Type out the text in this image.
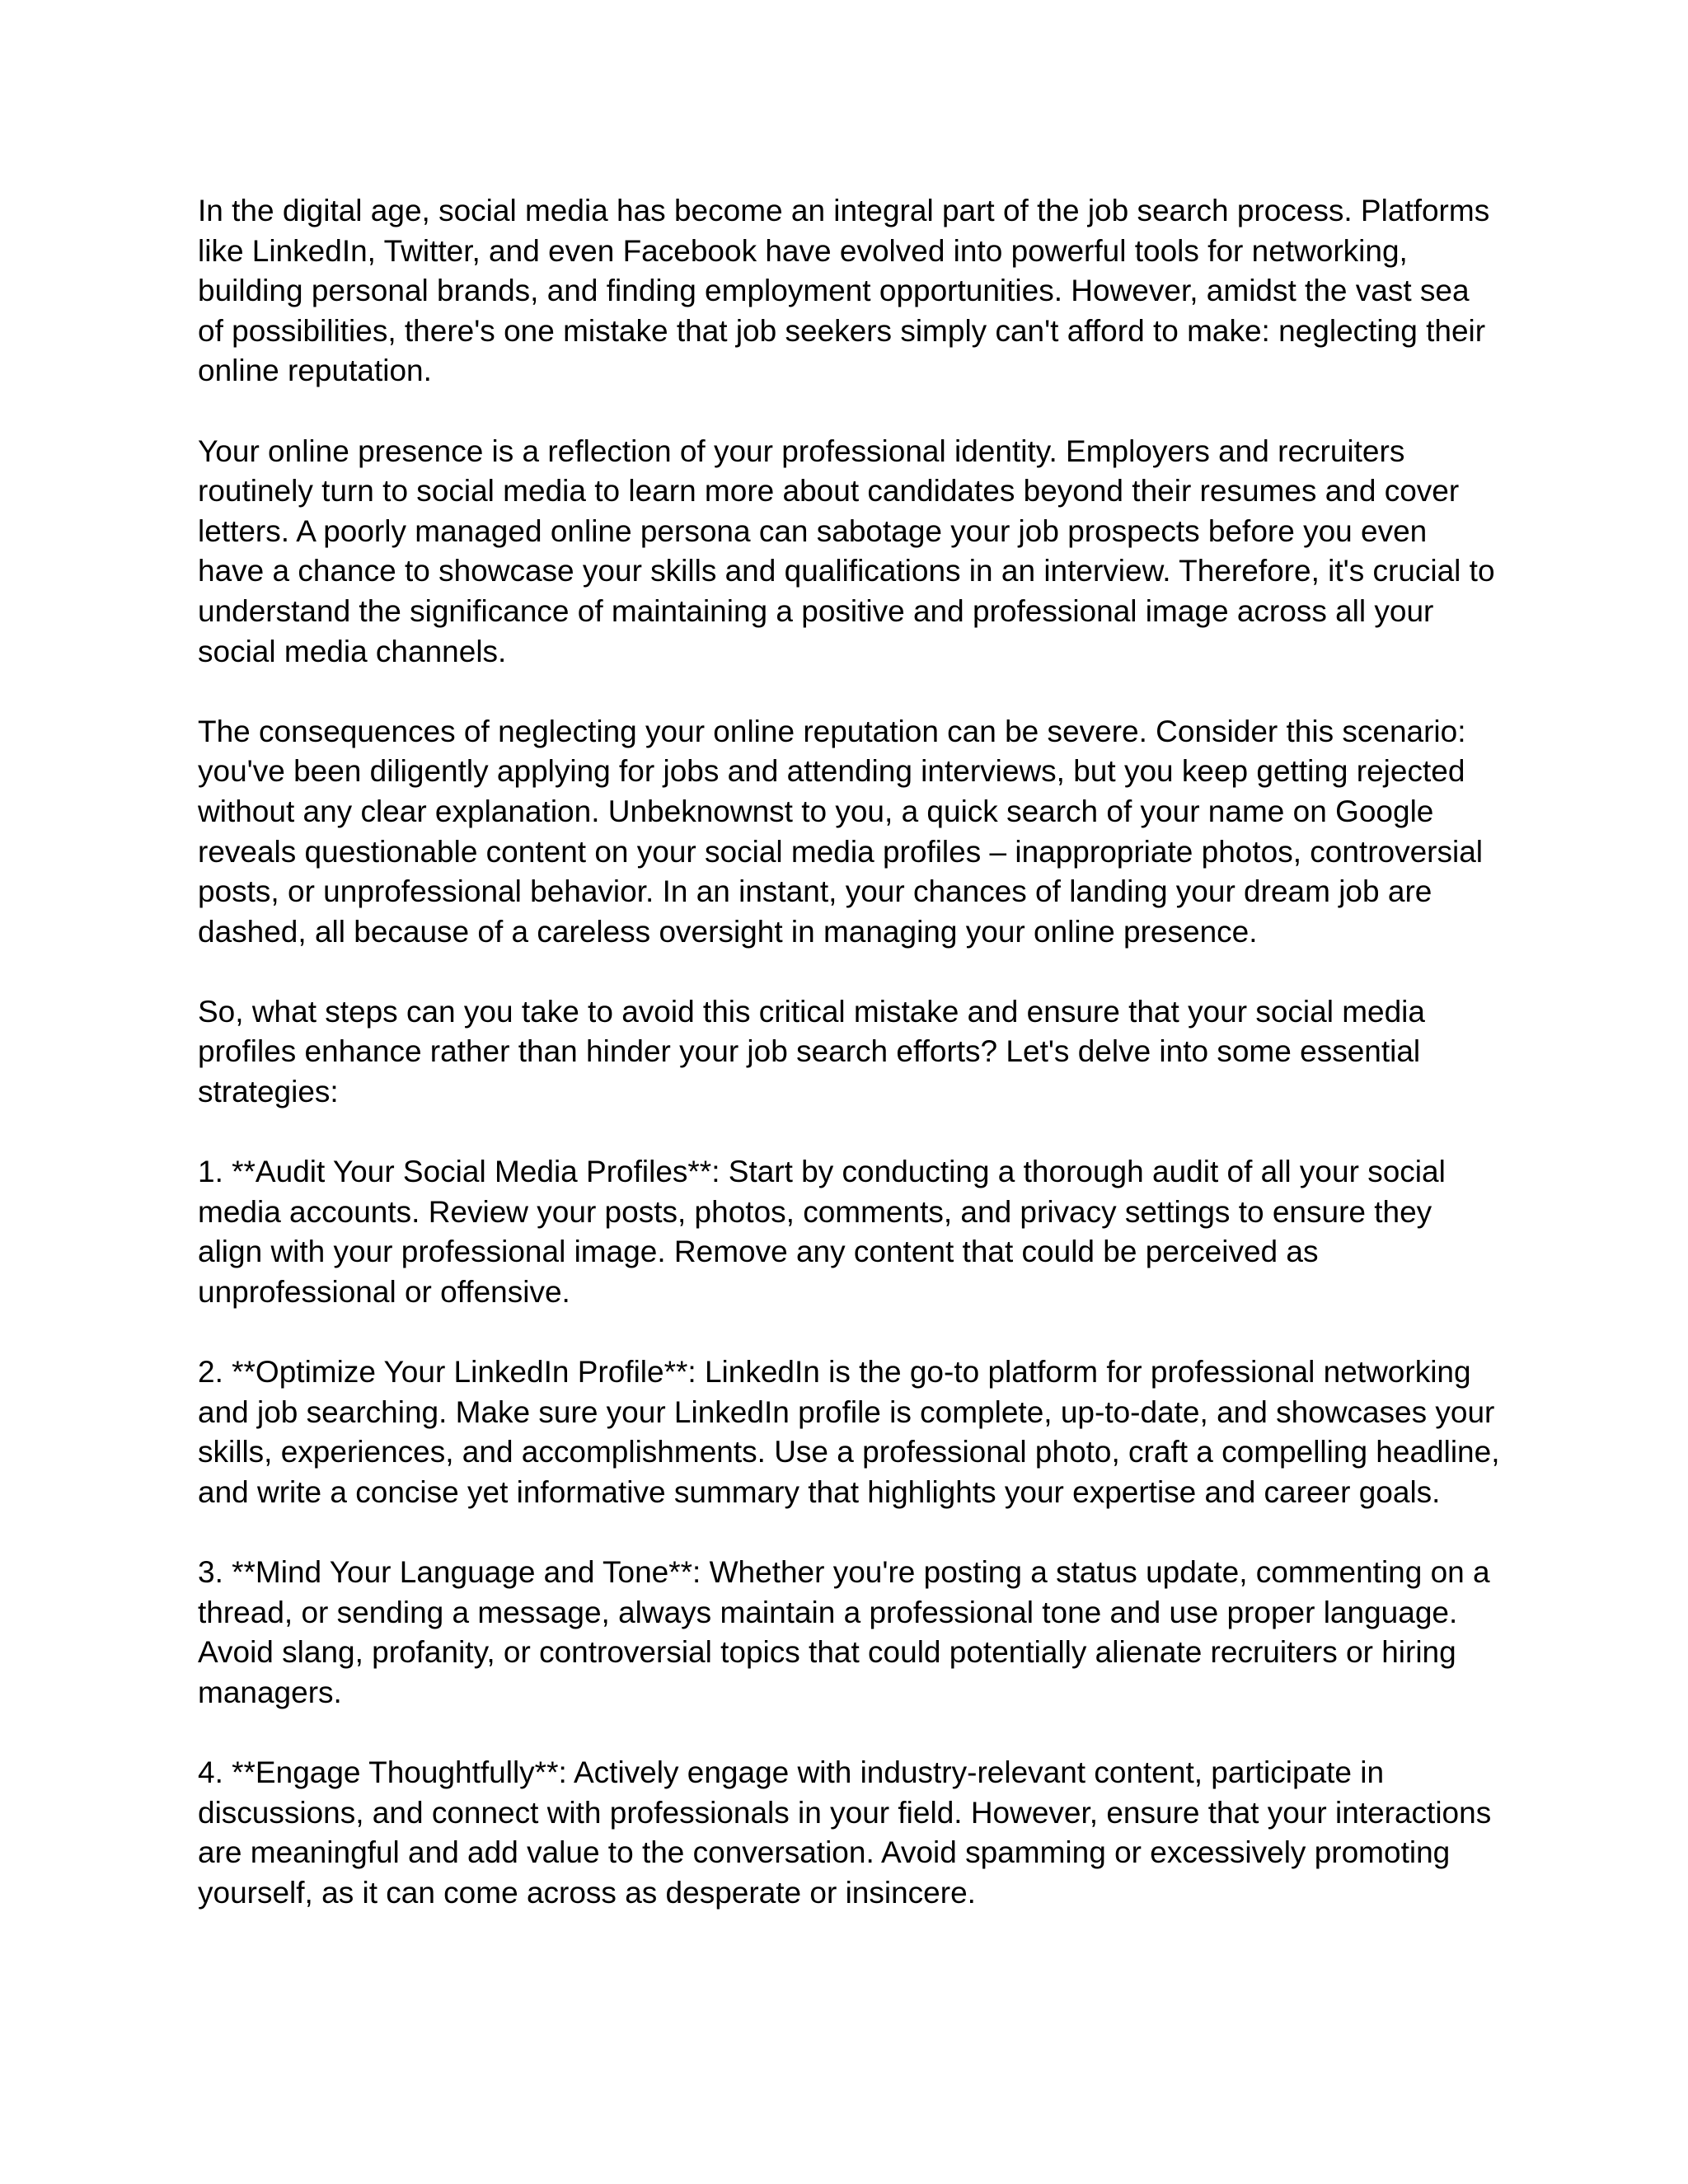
In the digital age, social media has become an integral part of the job search process. Platforms like LinkedIn, Twitter, and even Facebook have evolved into powerful tools for networking, building personal brands, and finding employment opportunities. However, amidst the vast sea of possibilities, there's one mistake that job seekers simply can't afford to make: neglecting their online reputation.

Your online presence is a reflection of your professional identity. Employers and recruiters routinely turn to social media to learn more about candidates beyond their resumes and cover letters. A poorly managed online persona can sabotage your job prospects before you even have a chance to showcase your skills and qualifications in an interview. Therefore, it's crucial to understand the significance of maintaining a positive and professional image across all your social media channels.

The consequences of neglecting your online reputation can be severe. Consider this scenario: you've been diligently applying for jobs and attending interviews, but you keep getting rejected without any clear explanation. Unbeknownst to you, a quick search of your name on Google reveals questionable content on your social media profiles – inappropriate photos, controversial posts, or unprofessional behavior. In an instant, your chances of landing your dream job are dashed, all because of a careless oversight in managing your online presence.

So, what steps can you take to avoid this critical mistake and ensure that your social media profiles enhance rather than hinder your job search efforts? Let's delve into some essential strategies:

1. **Audit Your Social Media Profiles**: Start by conducting a thorough audit of all your social media accounts. Review your posts, photos, comments, and privacy settings to ensure they align with your professional image. Remove any content that could be perceived as unprofessional or offensive.

2. **Optimize Your LinkedIn Profile**: LinkedIn is the go-to platform for professional networking and job searching. Make sure your LinkedIn profile is complete, up-to-date, and showcases your skills, experiences, and accomplishments. Use a professional photo, craft a compelling headline, and write a concise yet informative summary that highlights your expertise and career goals.

3. **Mind Your Language and Tone**: Whether you're posting a status update, commenting on a thread, or sending a message, always maintain a professional tone and use proper language. Avoid slang, profanity, or controversial topics that could potentially alienate recruiters or hiring managers.

4. **Engage Thoughtfully**: Actively engage with industry-relevant content, participate in discussions, and connect with professionals in your field. However, ensure that your interactions are meaningful and add value to the conversation. Avoid spamming or excessively promoting yourself, as it can come across as desperate or insincere.
